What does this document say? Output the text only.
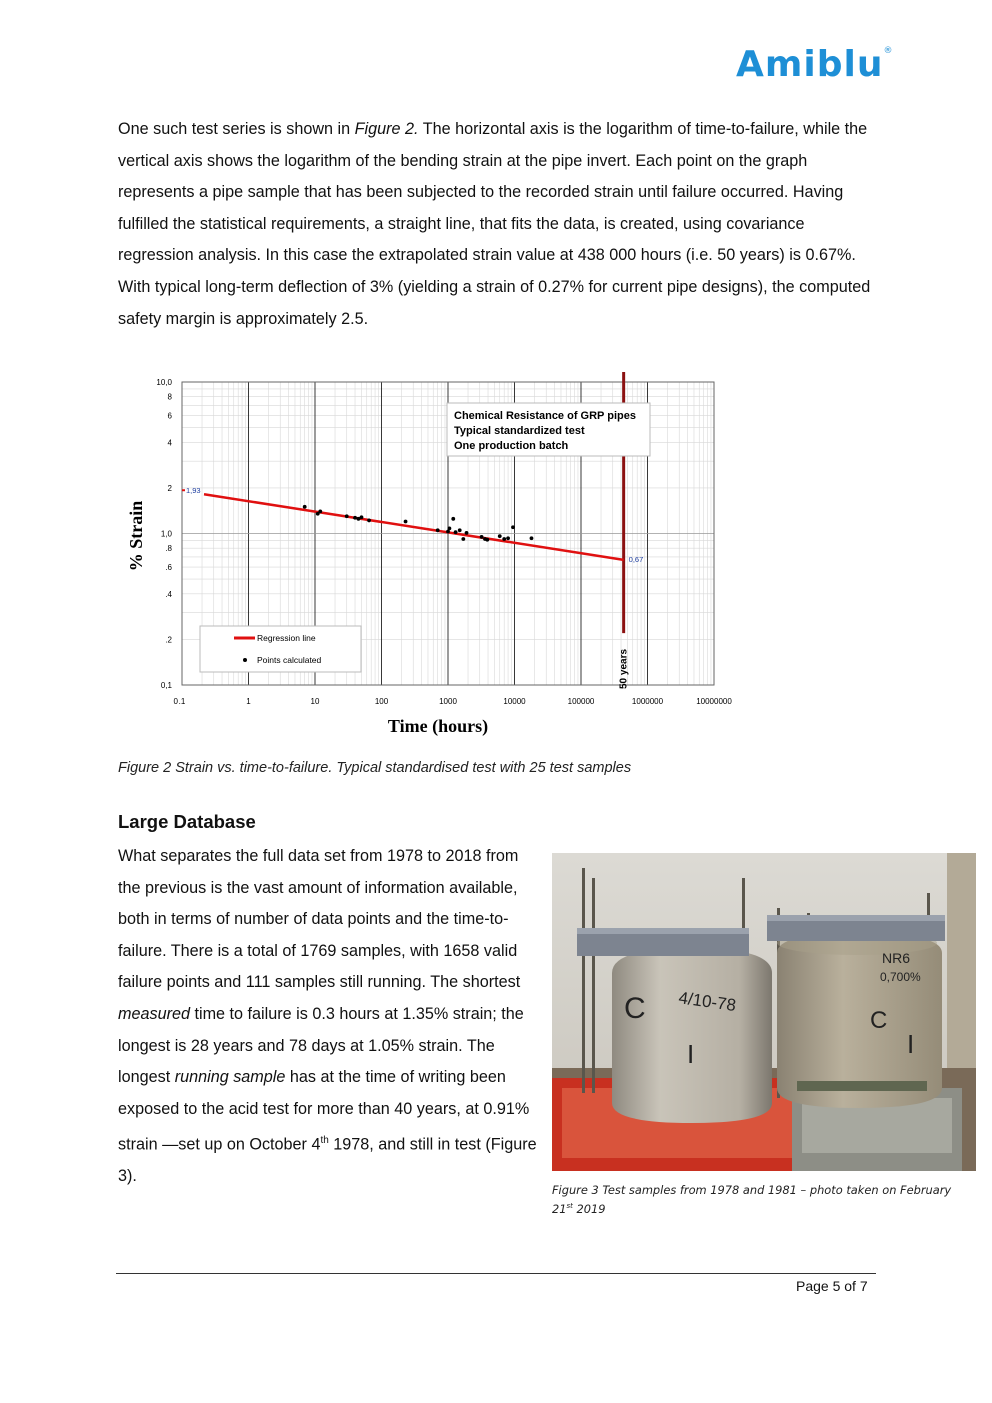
Amiblu ®

One such test series is shown in Figure 2. The horizontal axis is the logarithm of time-to-failure, while the vertical axis shows the logarithm of the bending strain at the pipe invert. Each point on the graph represents a pipe sample that has been subjected to the recorded strain until failure occurred. Having fulfilled the statistical requirements, a straight line, that fits the data, is created, using covariance regression analysis. In this case the extrapolated strain value at 438 000 hours (i.e. 50 years) is 0.67%. With typical long-term deflection of 3% (yielding a strain of 0.27% for current pipe designs), the computed safety margin is approximately 2.5.

.1	1	10	100	1000	10000	100000	1000000	10000000
0
10,0
8
6
4
2
1,0
.8
.6
.4
.2
0,1	50 years
1,93
0,67
Chemical Resistance of GRP pipes
Typical standardized test
One production batch
Regression line
Points calculated
Time (hours)
% Strain
Figure 2 Strain vs. time-to-failure. Typical standardised test with 25 test samples
Large Database

What separates the full data set from 1978 to 2018 from the previous is the vast amount of information available, both in terms of number of data points and the time-to-failure. There is a total of 1769 samples, with 1658 valid failure points and 111 samples still running. The shortest measured time to failure is 0.3 hours at 1.35% strain; the longest is 28 years and 78 days at 1.05% strain. The longest running sample has at the time of writing been exposed to the acid test for more than 40 years, at 0.91% strain —set up on October 4th 1978, and still in test (Figure 3).

C 4/10-78
I
C
I
NR6
0,700%
Figure 3 Test samples from 1978 and 1981 – photo taken on February 21st 2019
Page 5 of 7
